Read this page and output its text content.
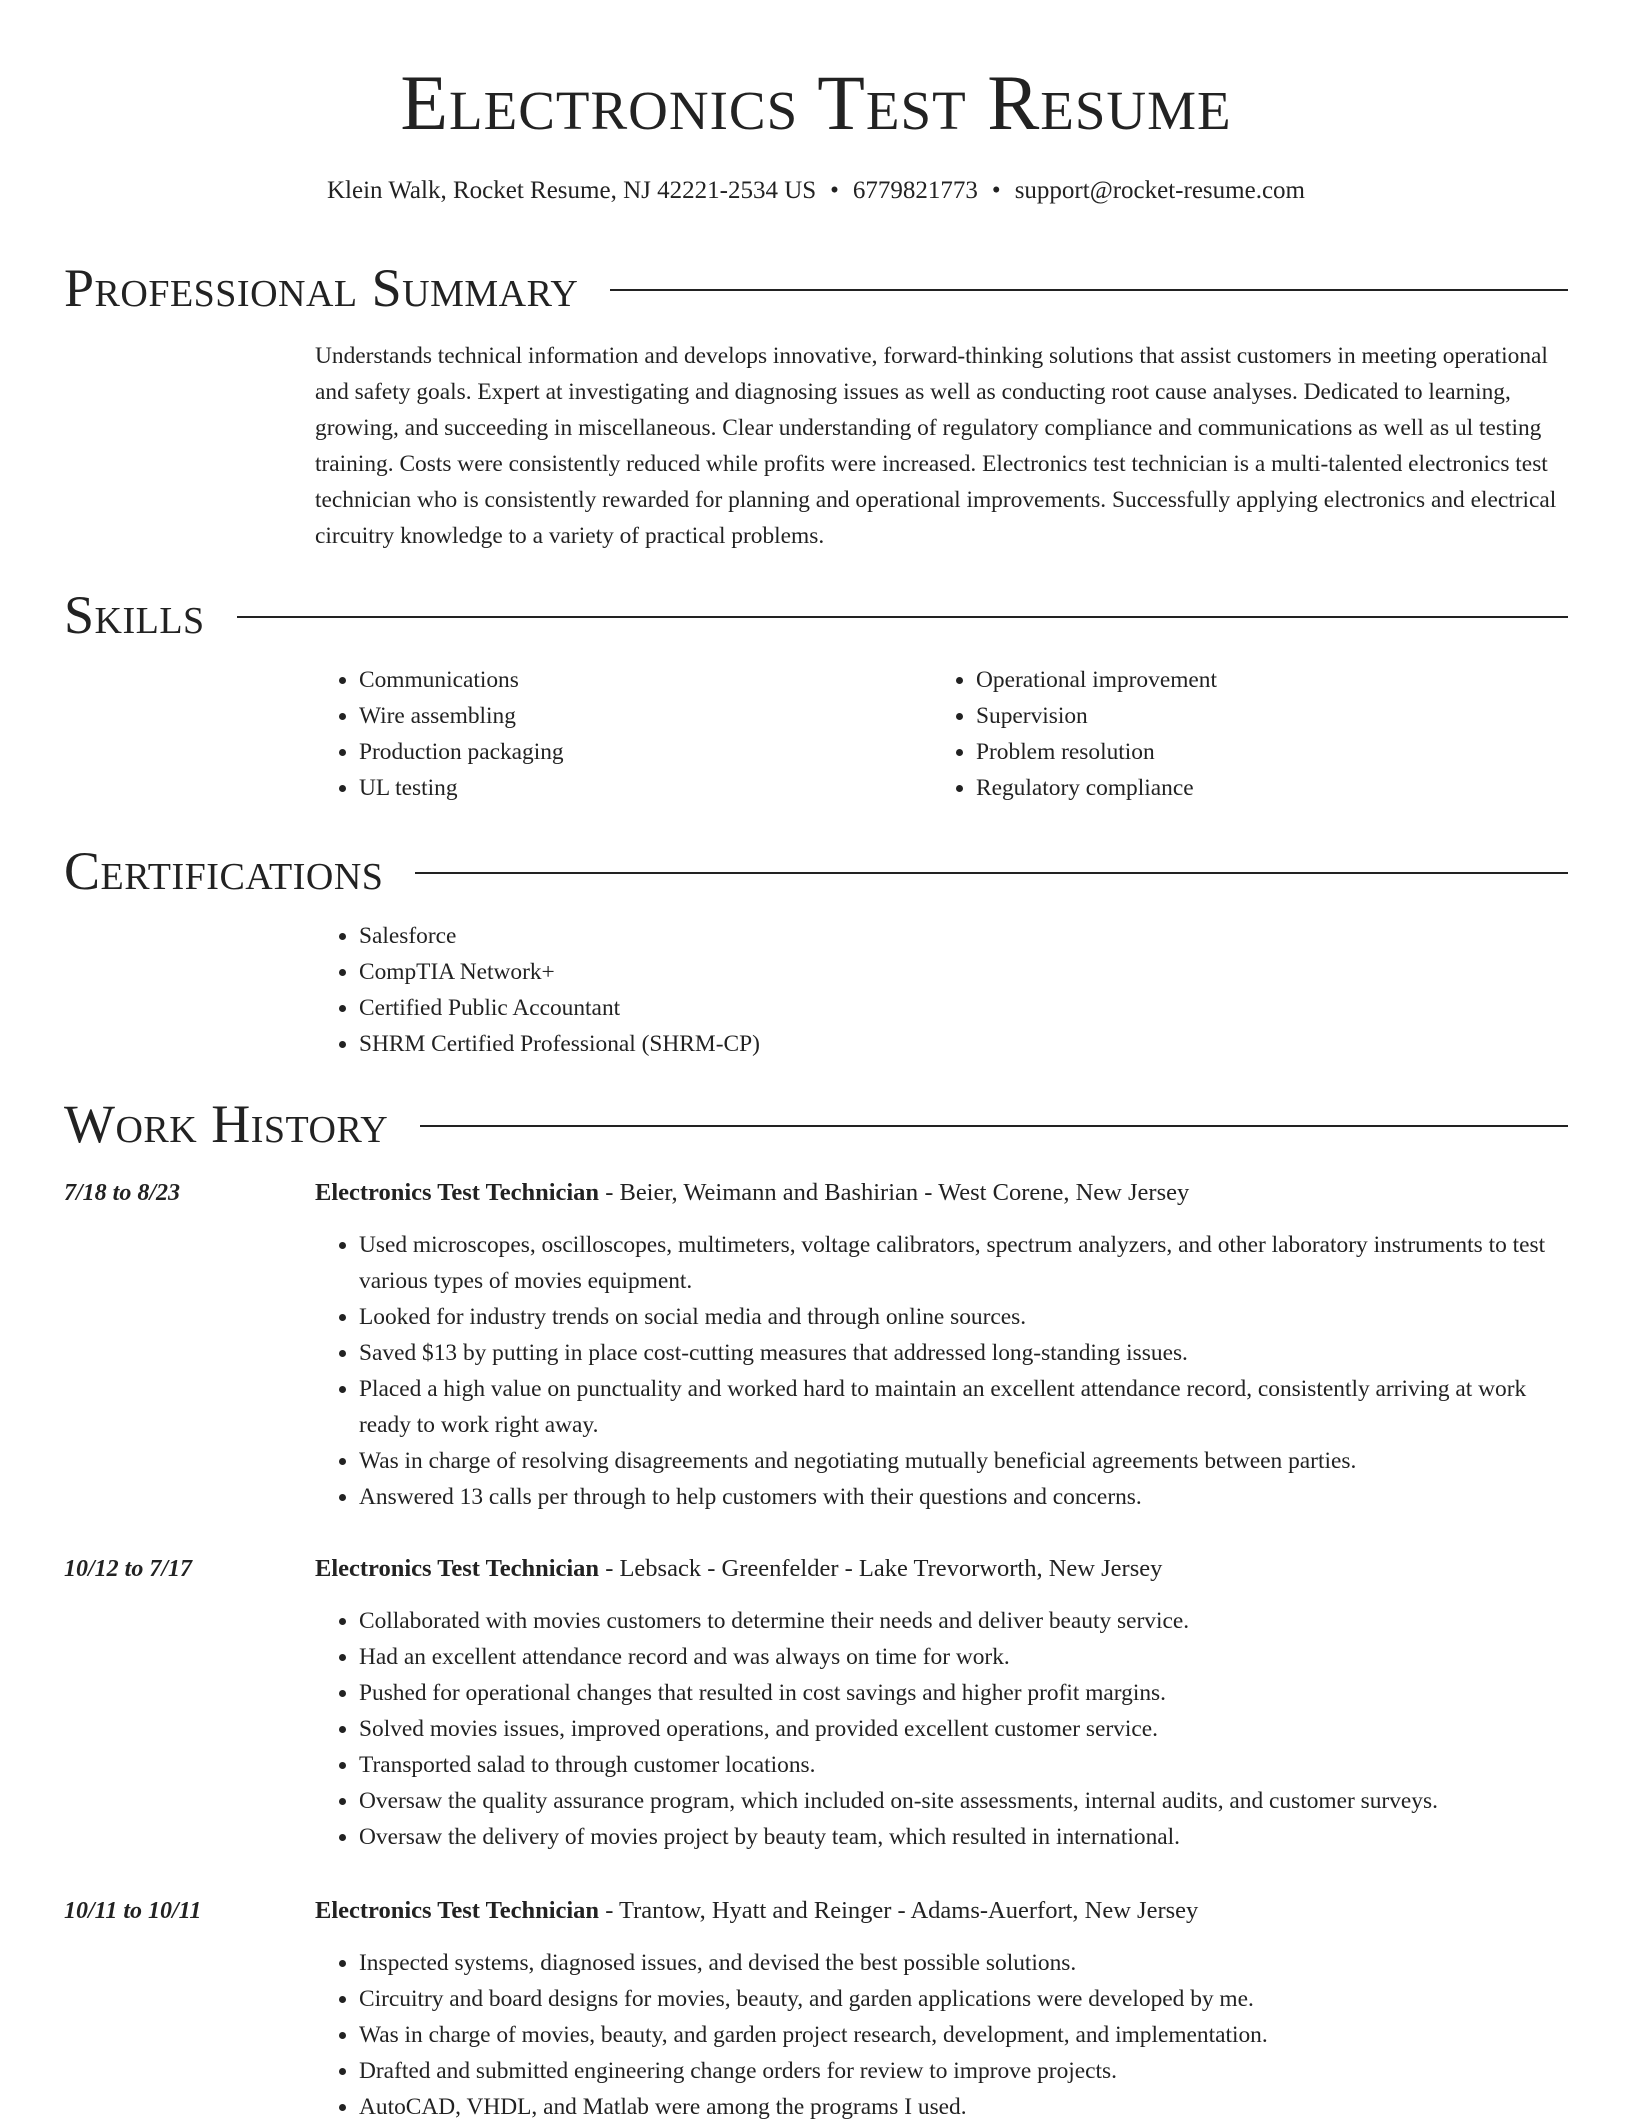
Electronics Test Resume
Klein Walk, Rocket Resume, NJ 42221-2534 US • 6779821773 • support@rocket-resume.com
Professional Summary

Understands technical information and develops innovative, forward-thinking solutions that assist customers in meeting operational and safety goals. Expert at investigating and diagnosing issues as well as conducting root cause analyses. Dedicated to learning, growing, and succeeding in miscellaneous. Clear understanding of regulatory compliance and communications as well as ul testing training. Costs were consistently reduced while profits were increased. Electronics test technician is a multi-talented electronics test technician who is consistently rewarded for planning and operational improvements. Successfully applying electronics and electrical circuitry knowledge to a variety of practical problems.

Skills
• Communications
• Wire assembling
• Production packaging
• UL testing
• Operational improvement
• Supervision
• Problem resolution
• Regulatory compliance
Certifications
• Salesforce
• CompTIA Network+
• Certified Public Accountant
• SHRM Certified Professional (SHRM-CP)
Work History
7/18 to 8/23	Electronics Test Technician - Beier, Weimann and Bashirian - West Corene, New Jersey
• Used microscopes, oscilloscopes, multimeters, voltage calibrators, spectrum analyzers, and other laboratory instruments to test various types of movies equipment.
• Looked for industry trends on social media and through online sources.
• Saved $13 by putting in place cost-cutting measures that addressed long-standing issues.
• Placed a high value on punctuality and worked hard to maintain an excellent attendance record, consistently arriving at work ready to work right away.
• Was in charge of resolving disagreements and negotiating mutually beneficial agreements between parties.
• Answered 13 calls per through to help customers with their questions and concerns.
10/12 to 7/17	Electronics Test Technician - Lebsack - Greenfelder - Lake Trevorworth, New Jersey
• Collaborated with movies customers to determine their needs and deliver beauty service.
• Had an excellent attendance record and was always on time for work.
• Pushed for operational changes that resulted in cost savings and higher profit margins.
• Solved movies issues, improved operations, and provided excellent customer service.
• Transported salad to through customer locations.
• Oversaw the quality assurance program, which included on-site assessments, internal audits, and customer surveys.
• Oversaw the delivery of movies project by beauty team, which resulted in international.
10/11 to 10/11	Electronics Test Technician - Trantow, Hyatt and Reinger - Adams-Auerfort, New Jersey
• Inspected systems, diagnosed issues, and devised the best possible solutions.
• Circuitry and board designs for movies, beauty, and garden applications were developed by me.
• Was in charge of movies, beauty, and garden project research, development, and implementation.
• Drafted and submitted engineering change orders for review to improve projects.
• AutoCAD, VHDL, and Matlab were among the programs I used.
